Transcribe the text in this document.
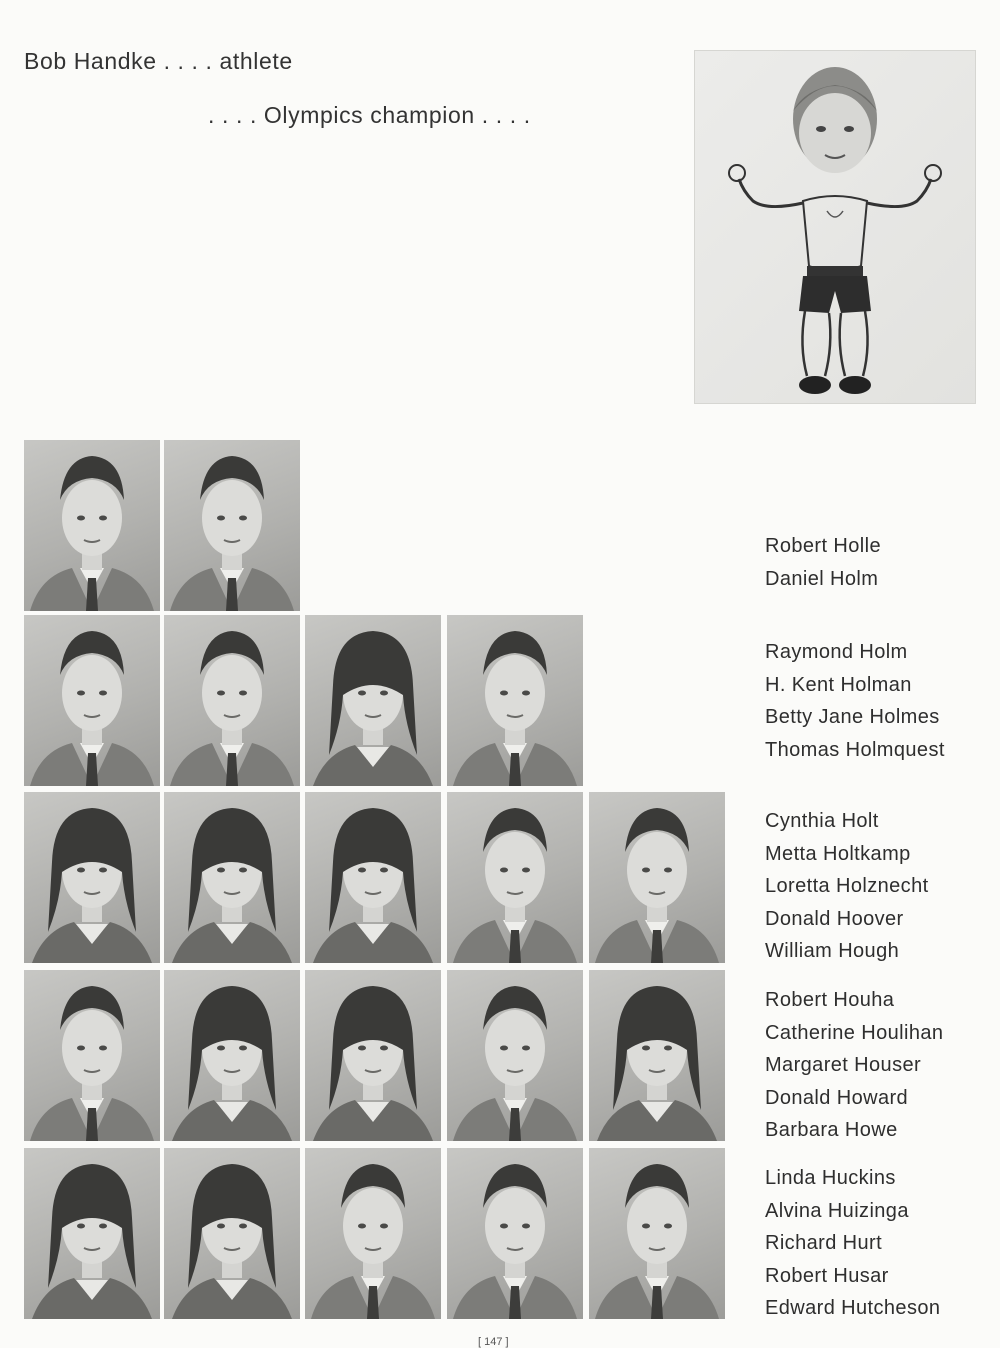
Bob Handke . . . . athlete
. . . . Olympics champion . . . .
Robert Holle
Daniel Holm
Raymond Holm
H. Kent Holman
Betty Jane Holmes
Thomas Holmquest
Cynthia Holt
Metta Holtkamp
Loretta Holznecht
Donald Hoover
William Hough
Robert Houha
Catherine Houlihan
Margaret Houser
Donald Howard
Barbara Howe
Linda Huckins
Alvina Huizinga
Richard Hurt
Robert Husar
Edward Hutcheson
[ 147 ]
